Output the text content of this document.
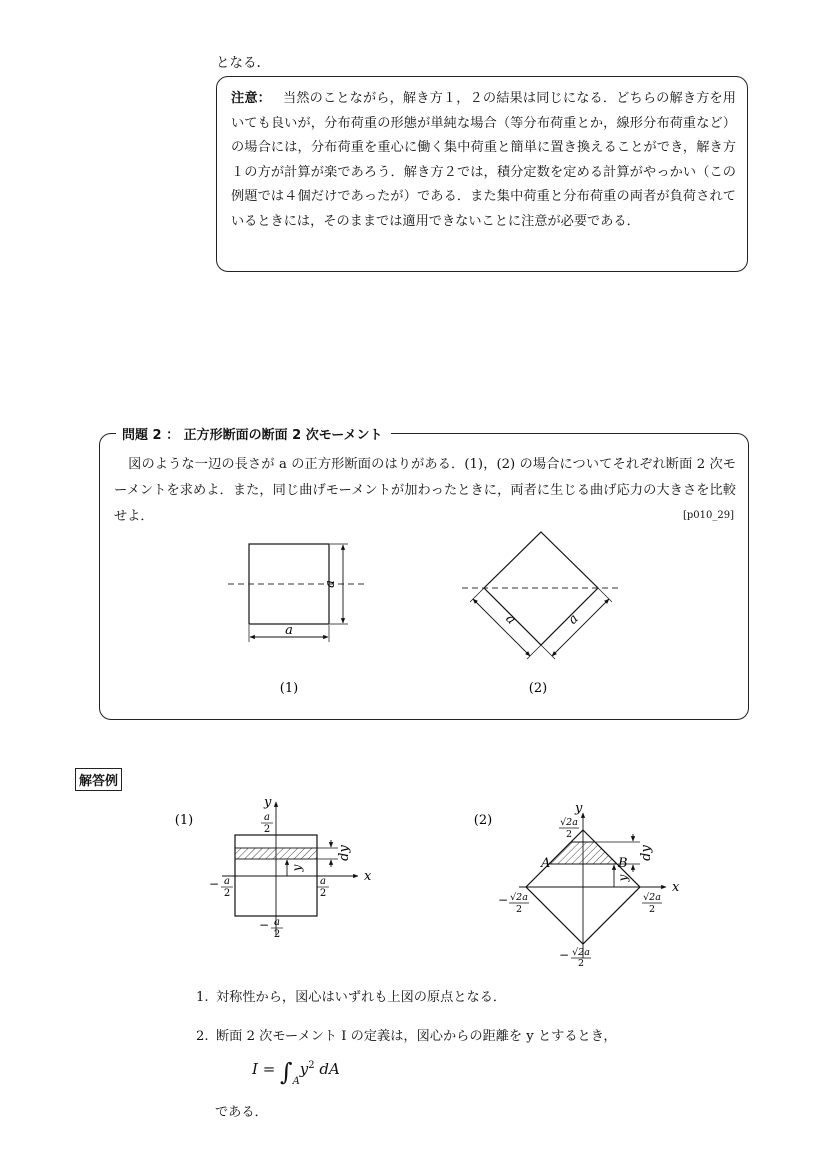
となる.
注意： 当然のことながら，解き方１，２の結果は同じになる．どちらの解き方を用いても良いが，分布荷重の形態が単純な場合（等分布荷重とか，線形分布荷重など）の場合には，分布荷重を重心に働く集中荷重と簡単に置き換えることができ，解き方１の方が計算が楽であろう．解き方２では，積分定数を定める計算がやっかい（この例題では４個だけであったが）である．また集中荷重と分布荷重の両者が負荷されているときには，そのままでは適用できないことに注意が必要である．
問題 2 ： 正方形断面の断面 2 次モーメント
図のような一辺の長さが a の正方形断面のはりがある．(1)，(2) の場合についてそれぞれ断面 2 次モーメントを求めよ．また，同じ曲げモーメントが加わったときに，両者に生じる曲げ応力の大きさを比較せよ．	[p010_29]
a
a
(1)
a	a
(2)
(1)
y
x
dy
y
a
2
− a
2
− a
2
a
2
(2)
y
x
A	B
dy
y
√2a
2
− √2a
2
− √2a
2
√2a
2
解答例
1. 対称性から，図心はいずれも上図の原点となる．
2. 断面 2 次モーメント I の定義は，図心からの距離を y とするとき，
$I = \int_Ay^2$ dA
である．
